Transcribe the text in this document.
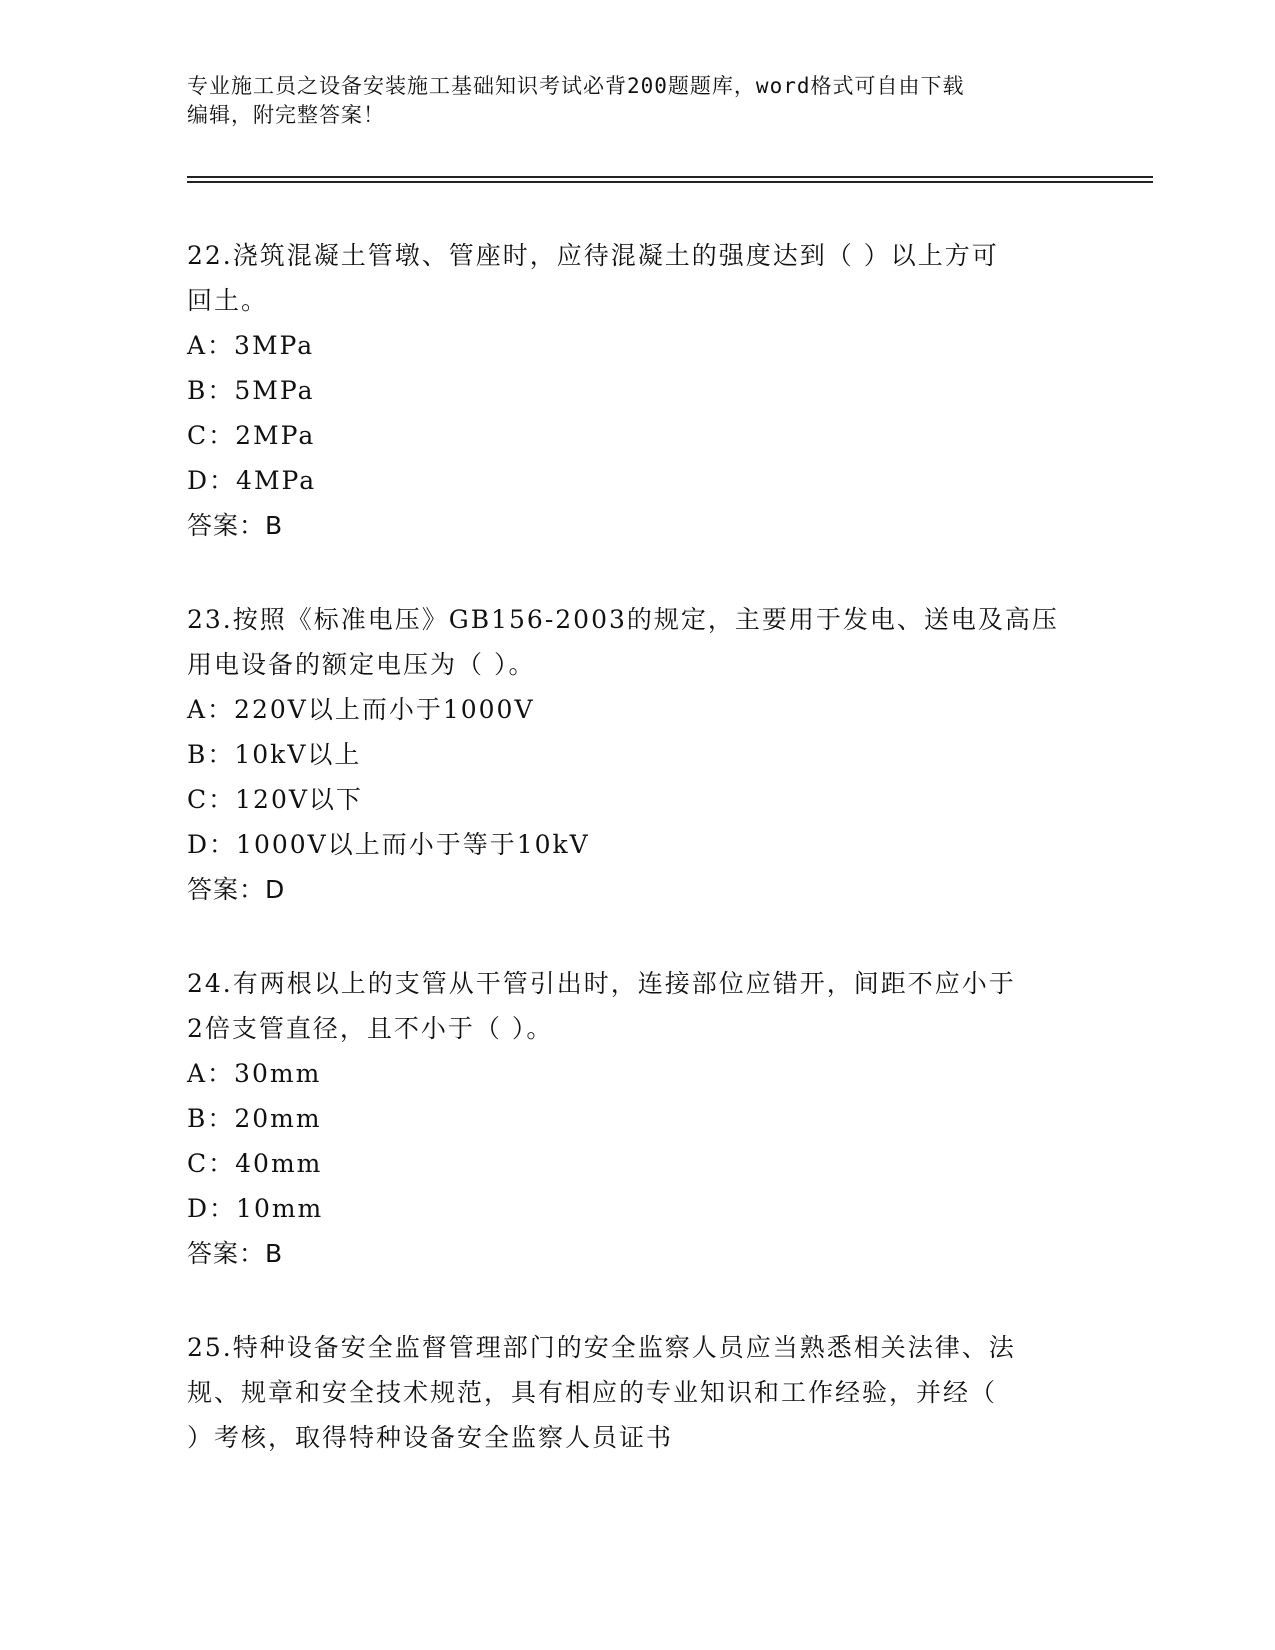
专业施工员之设备安装施工基础知识考试必背200题题库，word格式可自由下载
编辑，附完整答案！
22.浇筑混凝土管墩、管座时，应待混凝土的强度达到（ ）以上方可
回土。
A：3MPa
B：5MPa
C：2MPa
D：4MPa
答案：B
23.按照《标准电压》GB156-2003的规定，主要用于发电、送电及高压
用电设备的额定电压为（ ）。
A：220V以上而小于1000V
B：10kV以上
C：120V以下
D：1000V以上而小于等于10kV
答案：D
24.有两根以上的支管从干管引出时，连接部位应错开，间距不应小于
2倍支管直径，且不小于（ ）。
A：30mm
B：20mm
C：40mm
D：10mm
答案：B
25.特种设备安全监督管理部门的安全监察人员应当熟悉相关法律、法
规、规章和安全技术规范，具有相应的专业知识和工作经验，并经（
）考核，取得特种设备安全监察人员证书
